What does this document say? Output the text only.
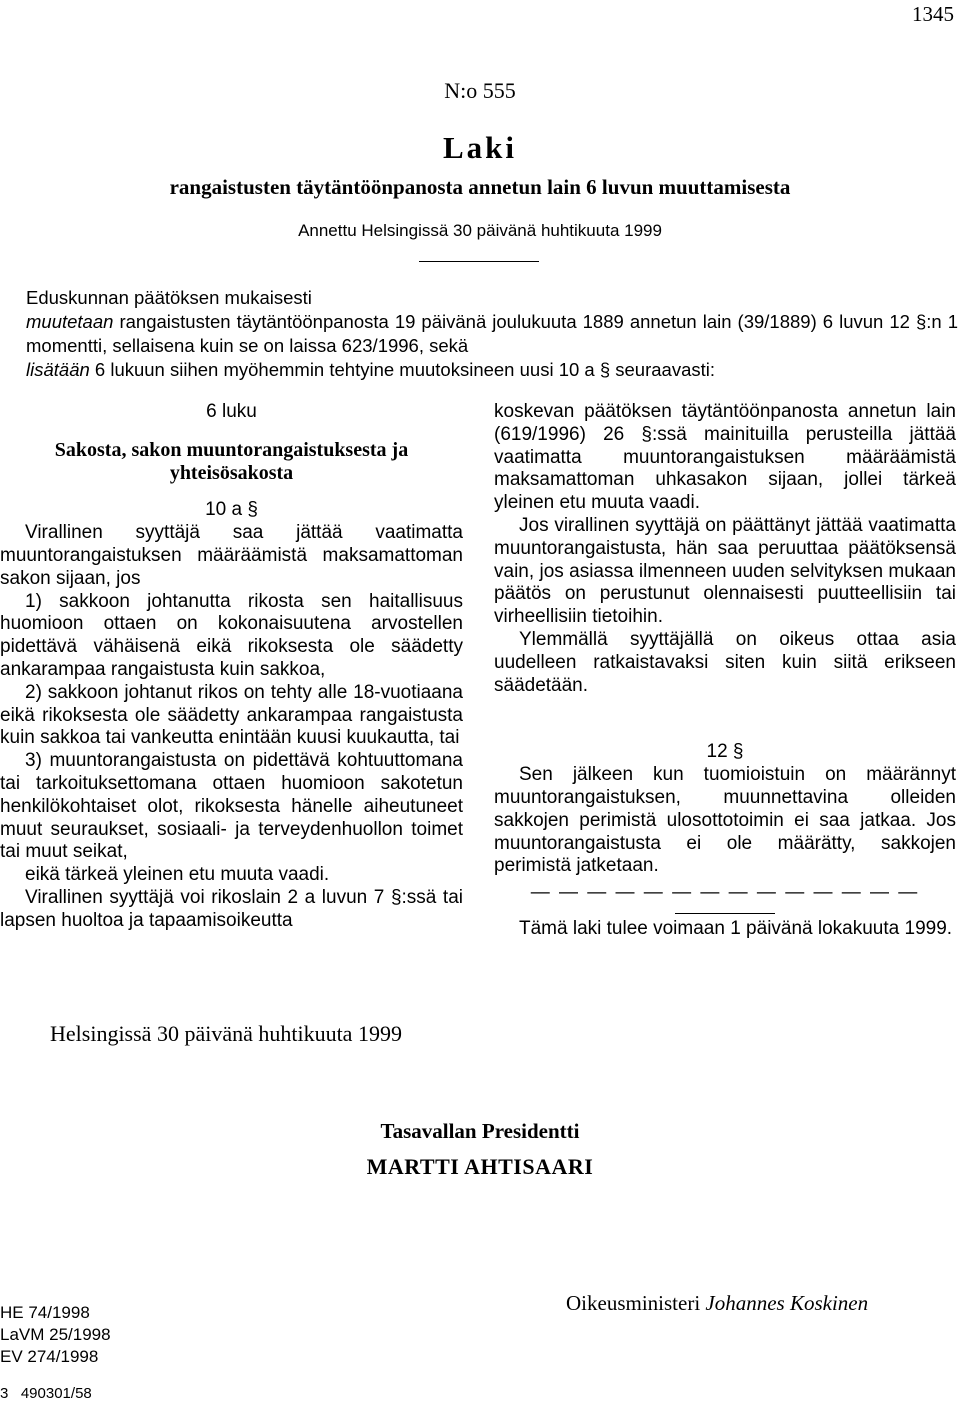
1345
N:o 555
Laki
rangaistusten täytäntöönpanosta annetun lain 6 luvun muuttamisesta
Annettu Helsingissä 30 päivänä huhtikuuta 1999

Eduskunnan päätöksen mukaisesti

muutetaan rangaistusten täytäntöönpanosta 19 päivänä joulukuuta 1889 annetun lain (39/1889) 6 luvun 12 §:n 1 momentti, sellaisena kuin se on laissa 623/1996, sekä

lisätään 6 lukuun siihen myöhemmin tehtyine muutoksineen uusi 10 a § seuraavasti:

6 luku

Sakosta, sakon muuntorangaistuksesta ja yhteisösakosta

10 a §

Virallinen syyttäjä saa jättää vaatimatta muuntorangaistuksen määräämistä maksamattoman sakon sijaan, jos

1) sakkoon johtanutta rikosta sen haitallisuus huomioon ottaen on kokonaisuutena arvostellen pidettävä vähäisenä eikä rikoksesta ole säädetty ankarampaa rangaistusta kuin sakkoa,

2) sakkoon johtanut rikos on tehty alle 18-vuotiaana eikä rikoksesta ole säädetty ankarampaa rangaistusta kuin sakkoa tai vankeutta enintään kuusi kuukautta, tai

3) muuntorangaistusta on pidettävä kohtuuttomana tai tarkoituksettomana ottaen huomioon sakotetun henkilökohtaiset olot, rikoksesta hänelle aiheutuneet muut seuraukset, sosiaali- ja terveydenhuollon toimet tai muut seikat,

eikä tärkeä yleinen etu muuta vaadi.

Virallinen syyttäjä voi rikoslain 2 a luvun 7 §:ssä tai lapsen huoltoa ja tapaamisoikeutta

koskevan päätöksen täytäntöönpanosta annetun lain (619/1996) 26 §:ssä mainituilla perusteilla jättää vaatimatta muuntorangaistuksen määräämistä maksamattoman uhkasakon sijaan, jollei tärkeä yleinen etu muuta vaadi.

Jos virallinen syyttäjä on päättänyt jättää vaatimatta muuntorangaistusta, hän saa peruuttaa päätöksensä vain, jos asiassa ilmenneen uuden selvityksen mukaan päätös on perustunut olennaisesti puutteellisiin tai virheellisiin tietoihin.

Ylemmällä syyttäjällä on oikeus ottaa asia uudelleen ratkaistavaksi siten kuin siitä erikseen säädetään.

12 §

Sen jälkeen kun tuomioistuin on määrännyt muuntorangaistuksen, muunnettavina olleiden sakkojen perimistä ulosottotoimin ei saa jatkaa. Jos muuntorangaistusta ei ole määrätty, sakkojen perimistä jatketaan.

— — — — — — — — — — — — — —

Tämä laki tulee voimaan 1 päivänä lokakuuta 1999.

Helsingissä 30 päivänä huhtikuuta 1999
Tasavallan Presidentti
MARTTI AHTISAARI
HE 74/1998
LaVM 25/1998
EV 274/1998
Oikeusministeri Johannes Koskinen
3   490301/58
